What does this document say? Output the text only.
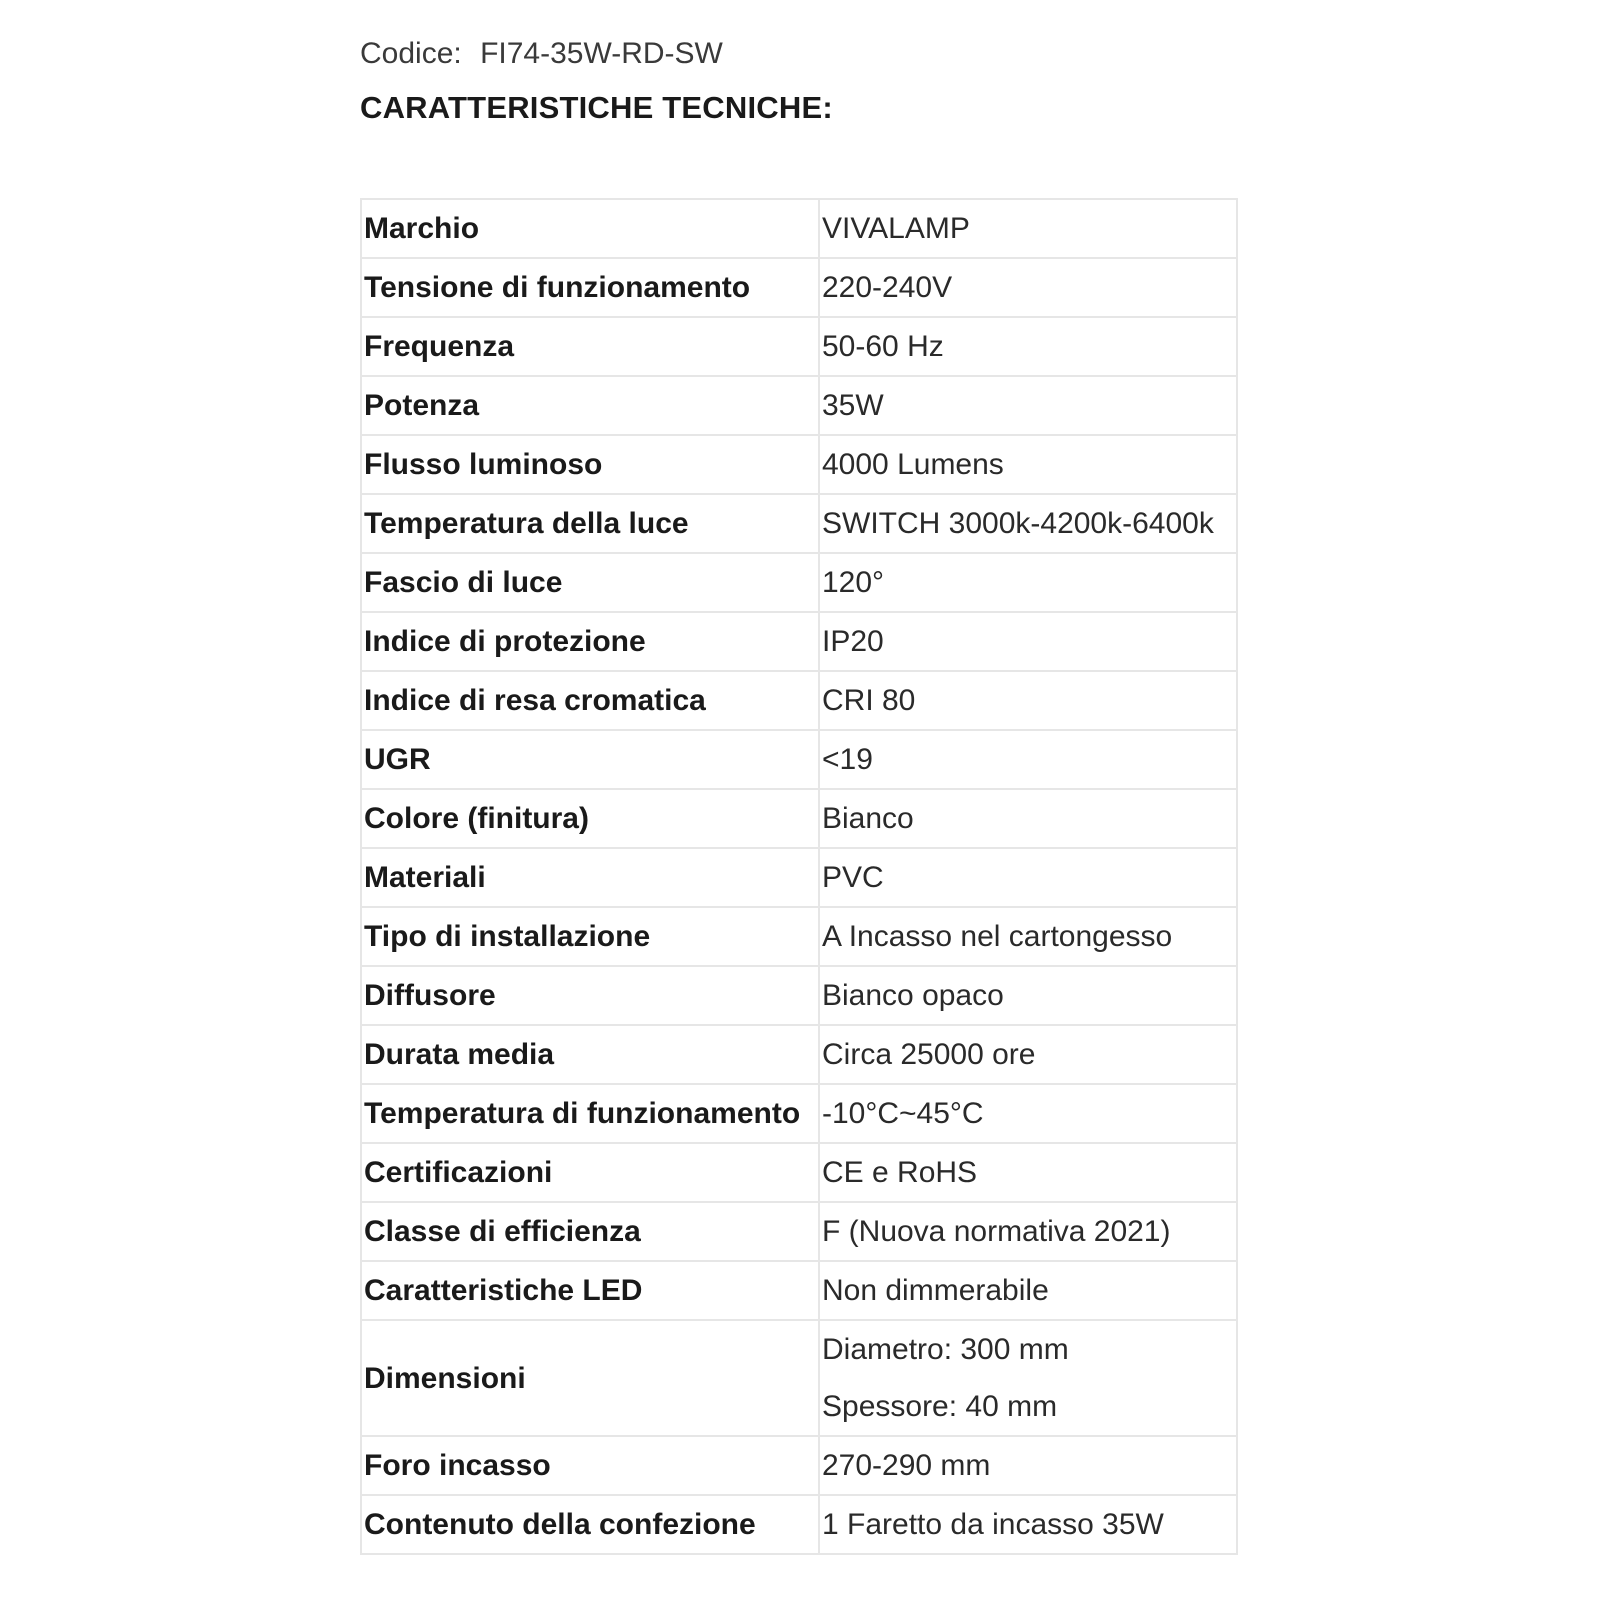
Codice: FI74-35W-RD-SW
CARATTERISTICHE TECNICHE:
Marchio	VIVALAMP

Tensione di funzionamento	220-240V

Frequenza	50-60 Hz

Potenza	35W

Flusso luminoso	4000 Lumens

Temperatura della luce	SWITCH 3000k-4200k-6400k

Fascio di luce	120°

Indice di protezione	IP20

Indice di resa cromatica	CRI 80

UGR	<19

Colore (finitura)	Bianco

Materiali	PVC

Tipo di installazione	A Incasso nel cartongesso

Diffusore	Bianco opaco

Durata media	Circa 25000 ore

Temperatura di funzionamento	-10°C~45°C

Certificazioni	CE e RoHS

Classe di efficienza	F (Nuova normativa 2021)

Caratteristiche LED	Non dimmerabile

Dimensioni	Diametro: 300 mm
Spessore: 40 mm

Foro incasso	270-290 mm

Contenuto della confezione	1 Faretto da incasso 35W
